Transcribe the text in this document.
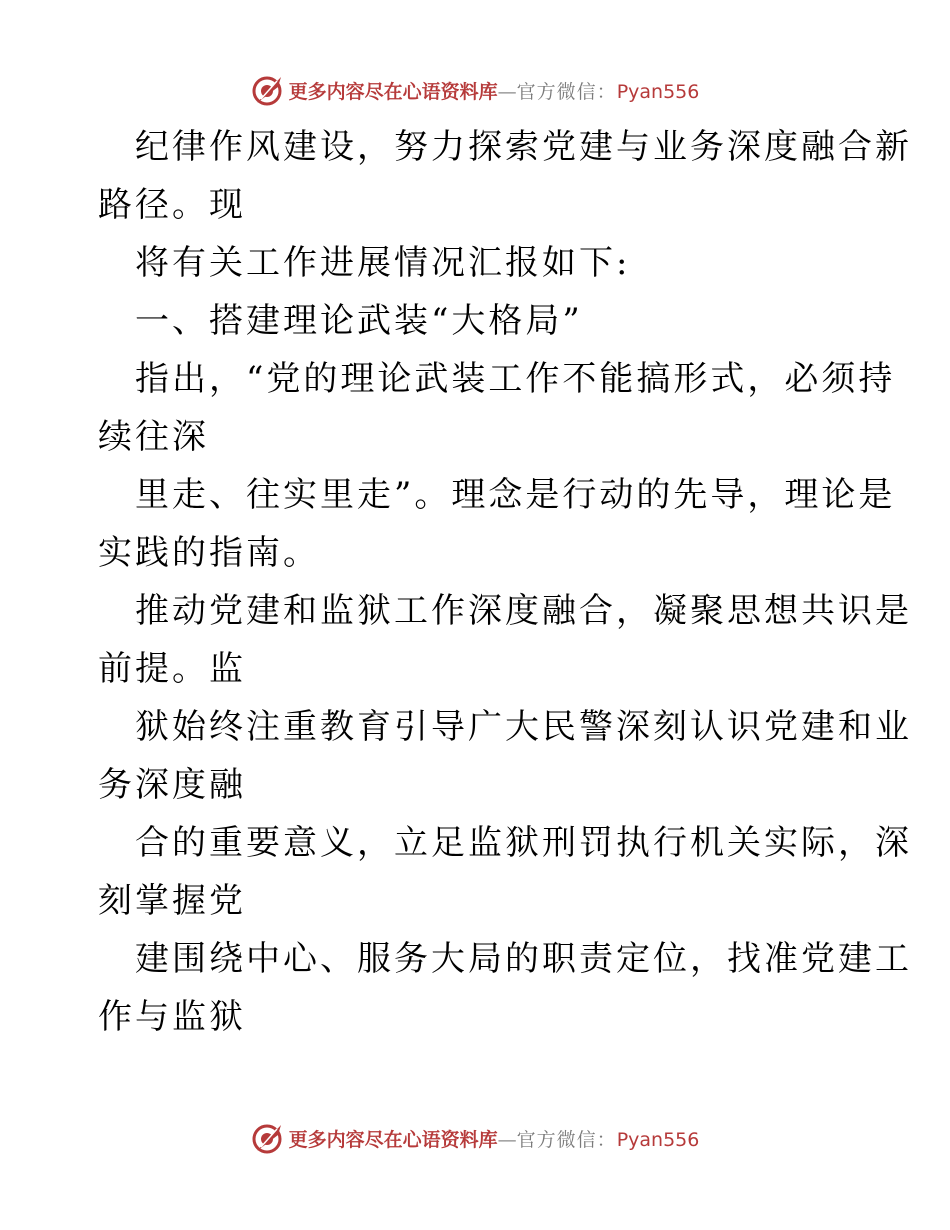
更多内容尽在心语资料库—官方微信：Pyan556
纪律作风建设，努力探索党建与业务深度融合新
路径。现
将有关工作进展情况汇报如下:
一、搭建理论武装“大格局”
指出，“党的理论武装工作不能搞形式，必须持
续往深
里走、往实里走”。理念是行动的先导，理论是
实践的指南。
推动党建和监狱工作深度融合，凝聚思想共识是
前提。监
狱始终注重教育引导广大民警深刻认识党建和业
务深度融
合的重要意义，立足监狱刑罚执行机关实际，深
刻掌握党
建围绕中心、服务大局的职责定位，找准党建工
作与监狱
更多内容尽在心语资料库—官方微信：Pyan556
